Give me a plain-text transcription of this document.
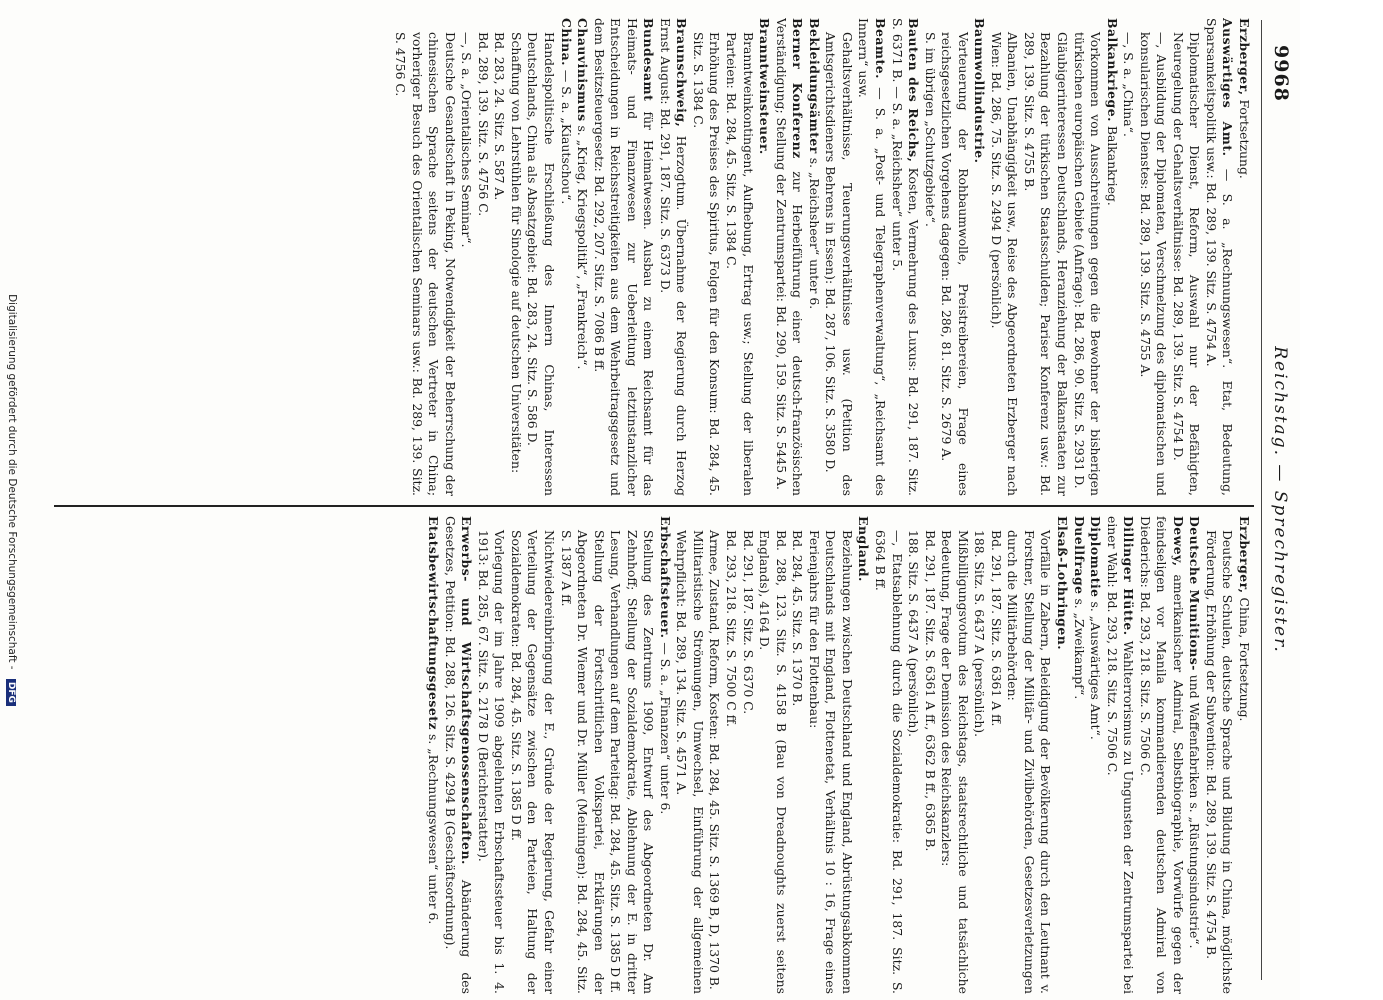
9968
Reichstag. — Sprechregister.

Erzberger, Fortsetzung.

Auswärtiges Amt. — S. a. „Rechnungswesen“. Etat, Bedeutung, Sparsamkeitspolitik usw.: Bd. 289, 139. Sitz. S. 4754 A.

Diplomatischer Dienst, Reform, Auswahl nur der Befähigten, Neuregelung der Gehaltsverhältnisse: Bd. 289, 139. Sitz. S. 4754 D.

—, Ausbildung der Diplomaten, Verschmelzung des diplomatischen und konsularischen Dienstes: Bd. 289, 139. Sitz. S. 4755 A.

—, S. a. „China“.

Balkankriege. Balkankrieg.

Vorkommen von Ausschreitungen gegen die Bewohner der bisherigen türkischen europäischen Gebiete (Anfrage): Bd. 286, 90. Sitz. S. 2931 D.

Gläubigerinteressen Deutschlands, Heranziehung der Balkanstaaten zur Bezahlung der türkischen Staatsschulden; Pariser Konferenz usw.: Bd. 289, 139. Sitz. S. 4755 B.

Albanien, Unabhängigkeit usw., Reise des Abgeordneten Erzberger nach Wien: Bd. 286, 75. Sitz. S. 2494 D (persönlich).

Baumwollindustrie.

Verteuerung der Rohbaumwolle, Preistreibereien, Frage eines reichsgesetzlichen Vorgehens dagegen: Bd. 286, 81. Sitz. S. 2679 A.

S. im übrigen „Schutzgebiete“.

Bauten des Reichs, Kosten, Vermehrung des Luxus: Bd. 291, 187. Sitz. S. 6371 B. — S. a. „Reichsheer“ unter 5.

Beamte. — S. a. „Post- und Telegraphenverwaltung“, „Reichsamt des Innern“ usw.

Gehaltsverhältnisse, Teuerungsverhältnisse usw. (Petition des Amtsgerichtsdieners Behrens in Essen): Bd. 287, 106. Sitz. S. 3580 D.

Bekleidungsämter s. „Reichsheer“ unter 6.

Berner Konferenz zur Herbeiführung einer deutsch-französischen Verständigung; Stellung der Zentrumspartei: Bd. 290, 159. Sitz. S. 5445 A.

Branntweinsteuer.

Branntweinkontingent, Aufhebung, Ertrag usw.; Stellung der liberalen Parteien: Bd. 284, 45. Sitz. S. 1384 C.

Erhöhung des Preises des Spiritus, Folgen für den Konsum: Bd. 284, 45. Sitz. S. 1384 C.

Braunschweig, Herzogtum. Übernahme der Regierung durch Herzog Ernst August: Bd. 291, 187. Sitz. S. 6373 D.

Bundesamt für Heimatwesen. Ausbau zu einem Reichsamt für das Heimats- und Finanzwesen zur Ueberleitung letztinstanzlicher Entscheidungen in Reichsstreitigkeiten aus dem Wehrbeitragsgesetz und dem Besitzsteuergesetz: Bd. 292, 207. Sitz. S. 7086 B ff.

Chauvinismus s. „Krieg, Kriegspolitik“, „Frankreich“.

China. — S. a. „Kiautschou“.

Handelspolitische Erschließung des Innern Chinas, Interessen Deutschlands, China als Absatzgebiet: Bd. 283, 24. Sitz. S. 586 D.

Schaffung von Lehrstühlen für Sinologie auf deutschen Universitäten:

Bd. 283, 24. Sitz. S. 587 A.

Bd. 289, 139. Sitz. S. 4756 C.

—, S. a. „Orientalisches Seminar“.

Deutsche Gesandtschaft in Peking, Notwendigkeit der Beherrschung der chinesischen Sprache seitens der deutschen Vertreter in China; vorheriger Besuch des Orientalischen Seminars usw.: Bd. 289, 139. Sitz. S. 4756 C.

Erzberger, China, Fortsetzung.

Deutsche Schulen, deutsche Sprache und Bildung in China, möglichste Förderung, Erhöhung der Subvention: Bd. 289, 139. Sitz. S. 4754 B.

Deutsche Munitions- und Waffenfabriken s. „Rüstungsindustrie“.

Dewey, amerikanischer Admiral, Selbstbiographie, Vorwürfe gegen der feindseligen vor Manila kommandierenden deutschen Admiral von Diederichs: Bd. 293, 218. Sitz. S. 7506 C.

Dillinger Hütte. Wahlterrorismus zu Ungunsten der Zentrumspartei bei einer Wahl: Bd. 293, 218. Sitz. S. 7506 C.

Diplomatie s. „Auswärtiges Amt“.

Duellfrage s. „Zweikampf“.

Elsaß-Lothringen.

Vorfälle in Zabern, Beleidigung der Bevölkerung durch den Leutnant v. Forstner, Stellung der Militär- und Zivilbehörden, Gesetzesverletzungen durch die Militärbehörden:

Bd. 291, 187. Sitz. S. 6361 A ff.

188. Sitz. S. 6437 A (persönlich).

Mißbilligungsvotum des Reichstags, staatsrechtliche und tatsächliche Bedeutung, Frage der Demission des Reichskanzlers:

Bd. 291, 187. Sitz. S. 6361 A ff., 6362 B ff., 6365 B.

188. Sitz. S. 6437 A (persönlich).

—, Etatsablehnung durch die Sozialdemokratie: Bd. 291, 187. Sitz. S. 6364 B ff.

England.

Beziehungen zwischen Deutschland und England, Abrüstungsabkommen Deutschlands mit England, Flottenetat, Verhältnis 10 : 16, Frage eines Ferienjahrs für den Flottenbau:

Bd. 284, 45. Sitz. S. 1370 B.

Bd. 288, 123. Sitz. S. 4158 B (Bau von Dreadnoughts zuerst seitens Englands), 4164 D.

Bd. 291, 187. Sitz. S. 6370 C.

Bd. 293, 218. Sitz. S. 7500 C ff.

Armee, Zustand, Reform, Kosten: Bd. 284, 45. Sitz. S. 1369 B, D, 1370 B.

Militaristische Strömungen, Umwechsel, Einführung der allgemeinen Wehrpflicht: Bd. 289, 134. Sitz. S. 4571 A.

Erbschaftsteuer. — S. a. „Finanzen“ unter 6.

Stellung des Zentrums 1909, Entwurf des Abgeordneten Dr. Am Zehnhoff; Stellung der Sozialdemokratie, Ablehnung der E. in dritter Lesung, Verhandlungen auf dem Parteitag: Bd. 284, 45. Sitz. S. 1385 D ff.

Stellung der Fortschrittlichen Volkspartei, Erklärungen der Abgeordneten Dr. Wiemer und Dr. Müller (Meiningen): Bd. 284, 45. Sitz. S. 1387 A ff.

Nichtwiedereinbringung der E., Gründe der Regierung, Gefahr einer Verteilung der Gegensätze zwischen den Parteien, Haltung der Sozialdemokraten: Bd. 284, 45. Sitz. S. 1385 D ff.

Vorlegung der im Jahre 1909 abgelehnten Erbschaftssteuer bis 1. 4. 1913: Bd. 285, 67. Sitz. S. 2178 D (Berichterstatter).

Erwerbs- und Wirtschaftsgenossenschaften. Abänderung des Gesetzes, Petition: Bd. 288, 126. Sitz. S. 4294 B (Geschäftsordnung).

Etatsbewirtschaftungsgesetz s. „Rechnungswesen“ unter 6.

Digitalisierung gefördert durch die Deutsche Forschungsgemeinschaft - DFG
